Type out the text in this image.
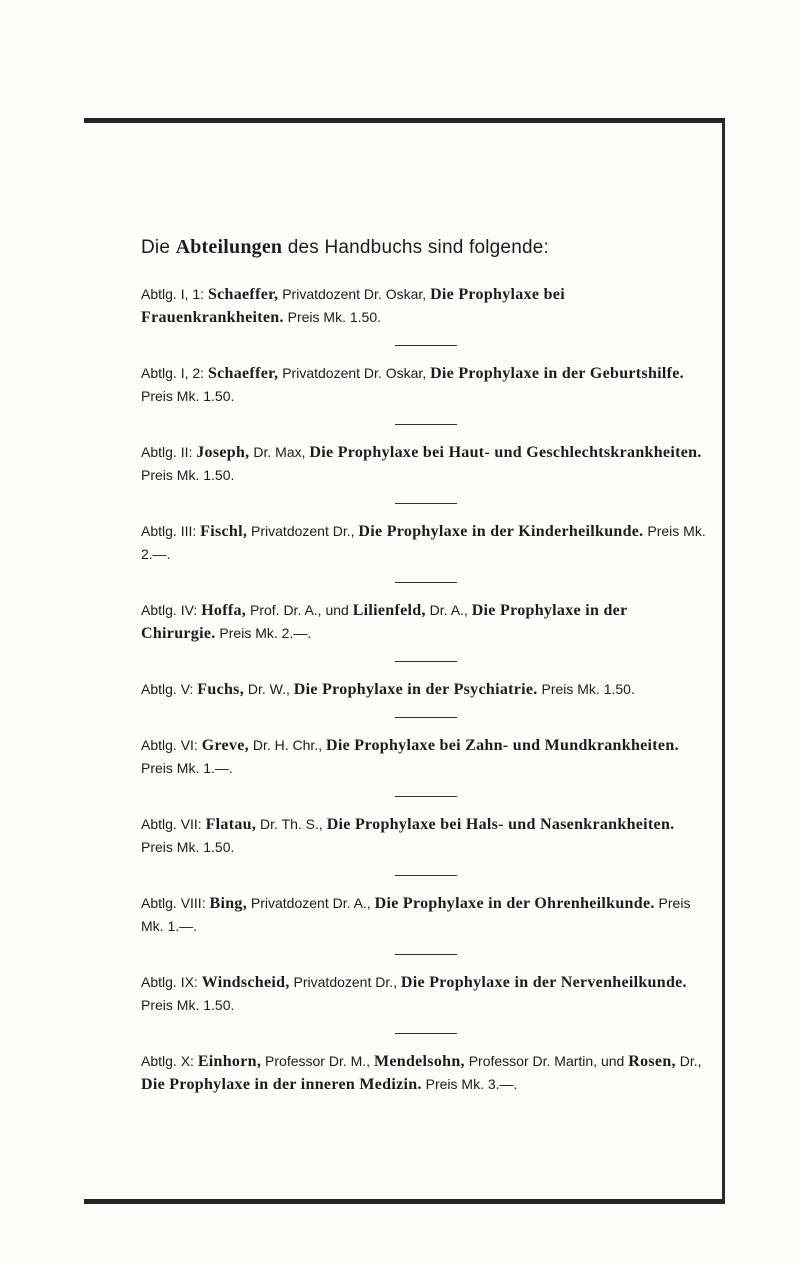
Die Abteilungen des Handbuchs sind folgende:
Abtlg. I, 1: Schaeffer, Privatdozent Dr. Oskar, Die Prophylaxe bei Frauenkrankheiten. Preis Mk. 1.50.
Abtlg. I, 2: Schaeffer, Privatdozent Dr. Oskar, Die Prophylaxe in der Geburtshilfe. Preis Mk. 1.50.
Abtlg. II: Joseph, Dr. Max, Die Prophylaxe bei Haut- und Geschlechtskrankheiten. Preis Mk. 1.50.
Abtlg. III: Fischl, Privatdozent Dr., Die Prophylaxe in der Kinderheilkunde. Preis Mk. 2.—.
Abtlg. IV: Hoffa, Prof. Dr. A., und Lilienfeld, Dr. A., Die Prophylaxe in der Chirurgie. Preis Mk. 2.—.
Abtlg. V: Fuchs, Dr. W., Die Prophylaxe in der Psychiatrie. Preis Mk. 1.50.
Abtlg. VI: Greve, Dr. H. Chr., Die Prophylaxe bei Zahn- und Mundkrankheiten. Preis Mk. 1.—.
Abtlg. VII: Flatau, Dr. Th. S., Die Prophylaxe bei Hals- und Nasenkrankheiten. Preis Mk. 1.50.
Abtlg. VIII: Bing, Privatdozent Dr. A., Die Prophylaxe in der Ohrenheilkunde. Preis Mk. 1.—.
Abtlg. IX: Windscheid, Privatdozent Dr., Die Prophylaxe in der Nervenheilkunde. Preis Mk. 1.50.
Abtlg. X: Einhorn, Professor Dr. M., Mendelsohn, Professor Dr. Martin, und Rosen, Dr., Die Prophylaxe in der inneren Medizin. Preis Mk. 3.—.
